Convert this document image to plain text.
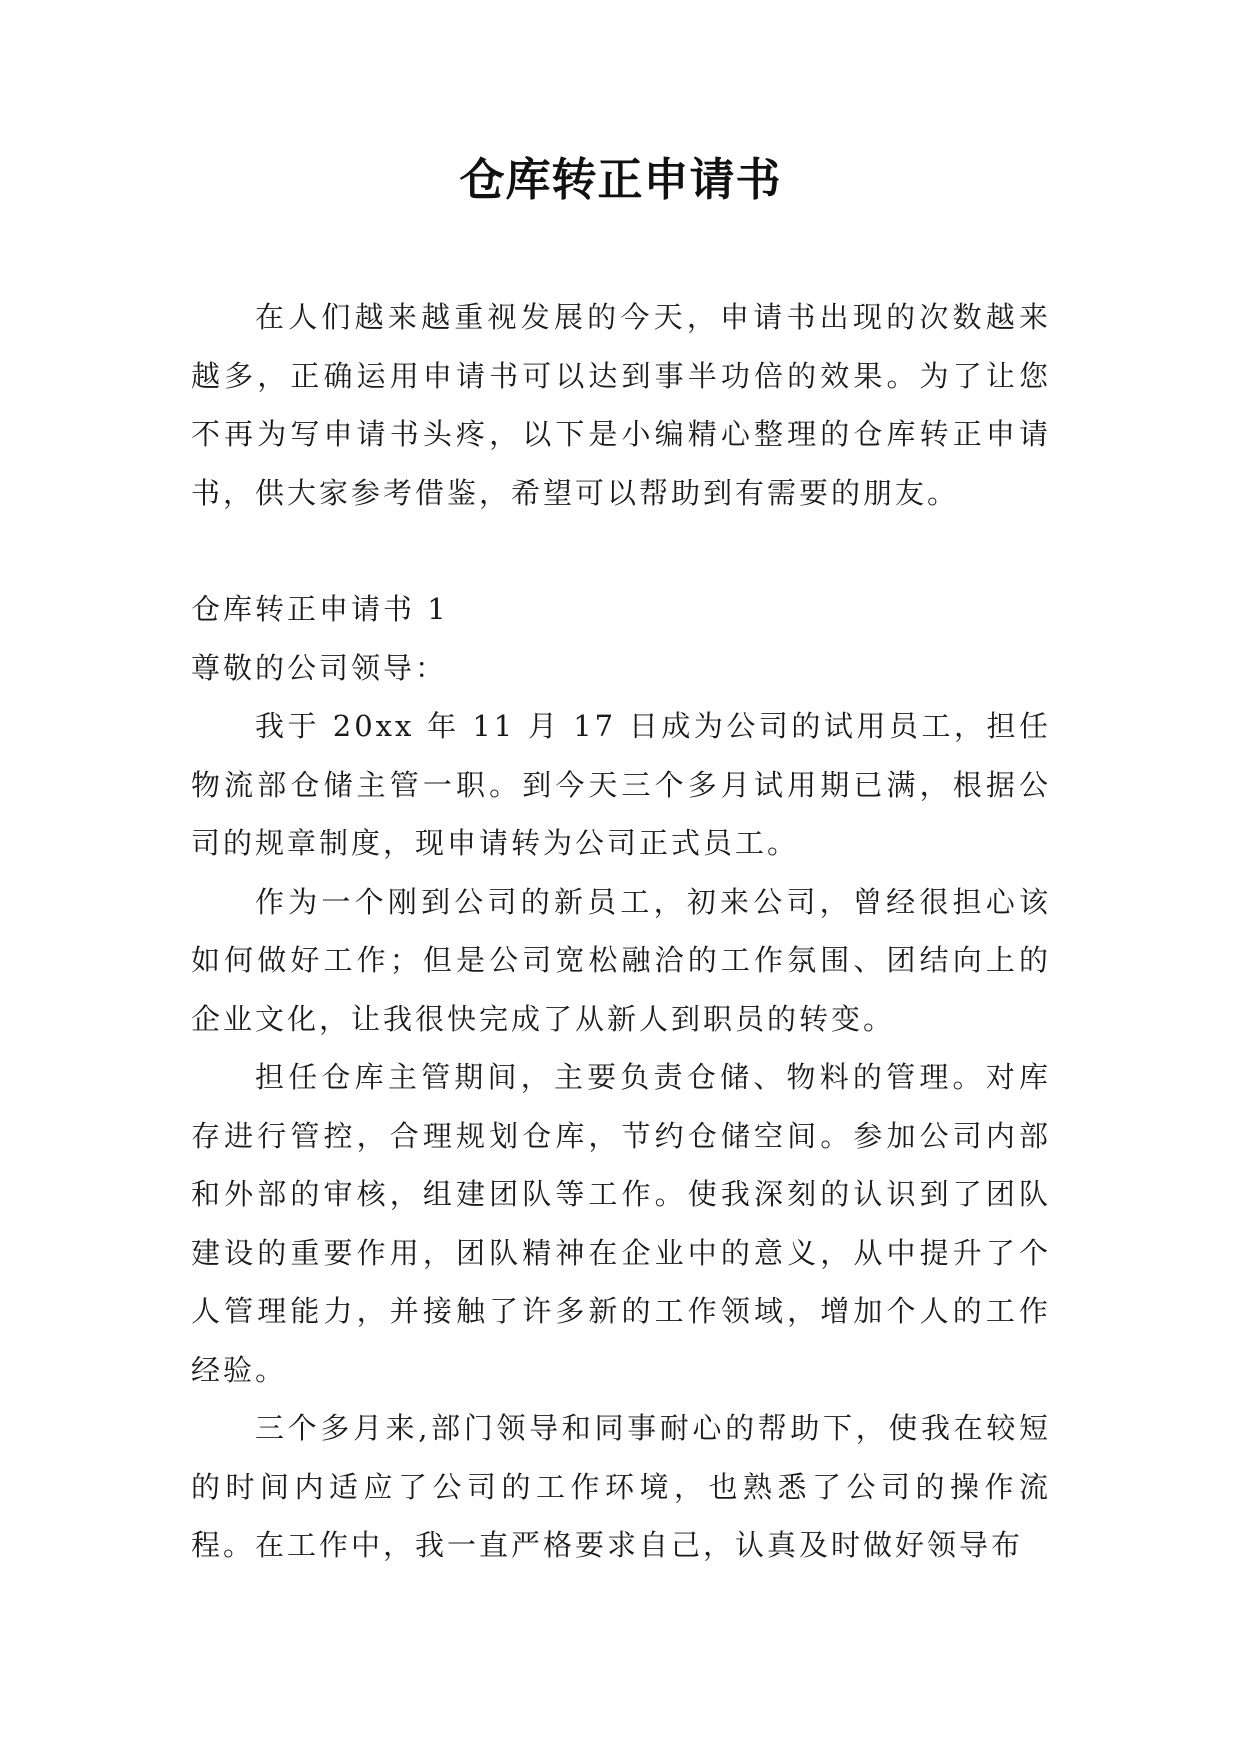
仓库转正申请书

在人们越来越重视发展的今天，申请书出现的次数越来越多，正确运用申请书可以达到事半功倍的效果。为了让您不再为写申请书头疼，以下是小编精心整理的仓库转正申请书，供大家参考借鉴，希望可以帮助到有需要的朋友。

仓库转正申请书 1

尊敬的公司领导：

我于 20xx 年 11 月 17 日成为公司的试用员工，担任物流部仓储主管一职。到今天三个多月试用期已满，根据公司的规章制度，现申请转为公司正式员工。

作为一个刚到公司的新员工，初来公司，曾经很担心该如何做好工作；但是公司宽松融洽的工作氛围、团结向上的企业文化，让我很快完成了从新人到职员的转变。

担任仓库主管期间，主要负责仓储、物料的管理。对库存进行管控，合理规划仓库，节约仓储空间。参加公司内部和外部的审核，组建团队等工作。使我深刻的认识到了团队建设的重要作用，团队精神在企业中的意义，从中提升了个人管理能力，并接触了许多新的工作领域，增加个人的工作经验。

三个多月来,部门领导和同事耐心的帮助下，使我在较短的时间内适应了公司的工作环境，也熟悉了公司的操作流程。在工作中，我一直严格要求自己，认真及时做好领导布
